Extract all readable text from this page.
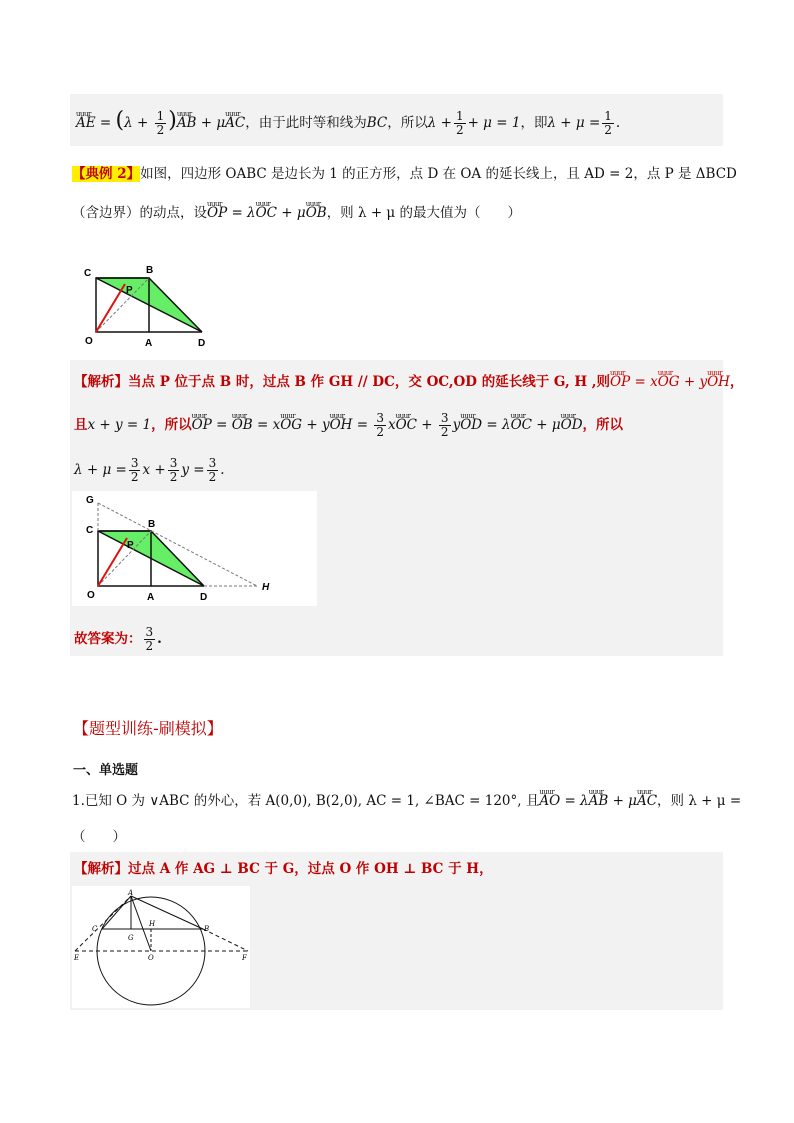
uuur AE = ($\lambda + \frac{1}{2}$ )uuur AB + μuuur AC，由于此时等和线为BC，所以$\lambda + \frac{1}{2} + \mu = 1$，即$\lambda + \mu = \frac{1}{2}$ .
【典例 2】如图，四边形 OABC 是边长为 1 的正方形，点 D 在 OA 的延长线上，且 AD = 2，点 P 是 ΔBCD
（含边界）的动点，设uuur OP = λuuur OC + μuuur OB，则 λ + μ 的最大值为（　　）
C	B
P
O	A	D
【解析】当点 P 位于点 B 时，过点 B 作 GH // DC，交 OC,OD 的延长线于 G, H ,则uuur OP = xuuur OG + yuuur OH，
且x + y = 1，所以uuur OP = uuur OB = xuuur OG + yuuur OH = $\frac{3}{2}$ xuuur OC + $\frac{3}{2}$ yuuur OD = λuuur OC + μuuur OD，所以
$\lambda + \mu = \frac{3}{2}$ $x + \frac{3}{2}$ $y = \frac{3}{2}$ .
G
C
B
P
O	A	D
H
故答案为： $\frac{3}{2}$ .
【题型训练-刷模拟】
一、单选题
1.已知 O 为 ∨ABC 的外心，若 A(0,0), B(2,0), AC = 1, ∠BAC = 120°, 且uuur AO = λuuur AB + μuuur AC，则 λ + μ =
（　　）
【解析】过点 A 作 AG ⊥ BC 于 G，过点 O 作 OH ⊥ BC 于 H，
A
C	B
H
G
E	O	F
